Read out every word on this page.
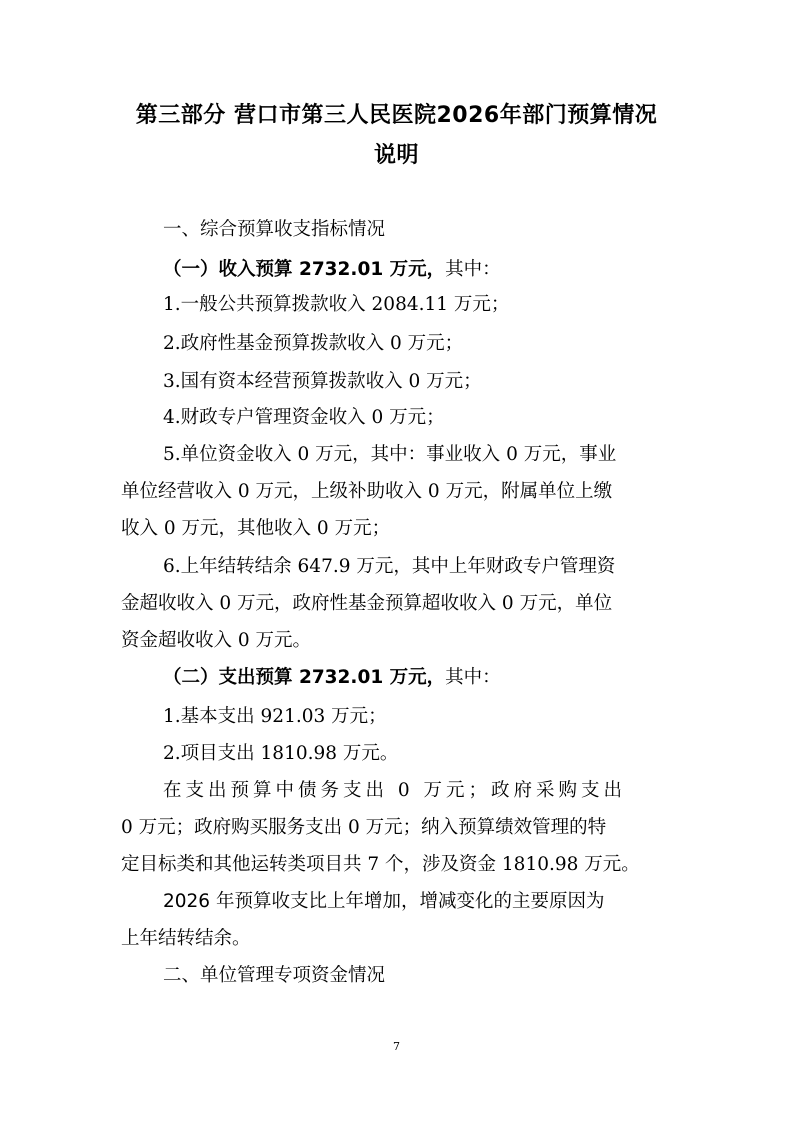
第三部分 营口市第三人民医院2026年部门预算情况
说明
一、综合预算收支指标情况
（一）收入预算 2732.01 万元，其中：
1.一般公共预算拨款收入 2084.11 万元；
2.政府性基金预算拨款收入 0 万元；
3.国有资本经营预算拨款收入 0 万元；
4.财政专户管理资金收入 0 万元；
5.单位资金收入 0 万元，其中：事业收入 0 万元，事业
单位经营收入 0 万元，上级补助收入 0 万元，附属单位上缴
收入 0 万元，其他收入 0 万元；
6.上年结转结余 647.9 万元，其中上年财政专户管理资
金超收收入 0 万元，政府性基金预算超收收入 0 万元，单位
资金超收收入 0 万元。
（二）支出预算 2732.01 万元，其中：
1.基本支出 921.03 万元；
2.项目支出 1810.98 万元。
在支出预算中债务支出 0 万元；政府采购支出
0 万元；政府购买服务支出 0 万元；纳入预算绩效管理的特
定目标类和其他运转类项目共 7 个，涉及资金 1810.98 万元。
2026 年预算收支比上年增加，增减变化的主要原因为
上年结转结余。
二、单位管理专项资金情况
7
